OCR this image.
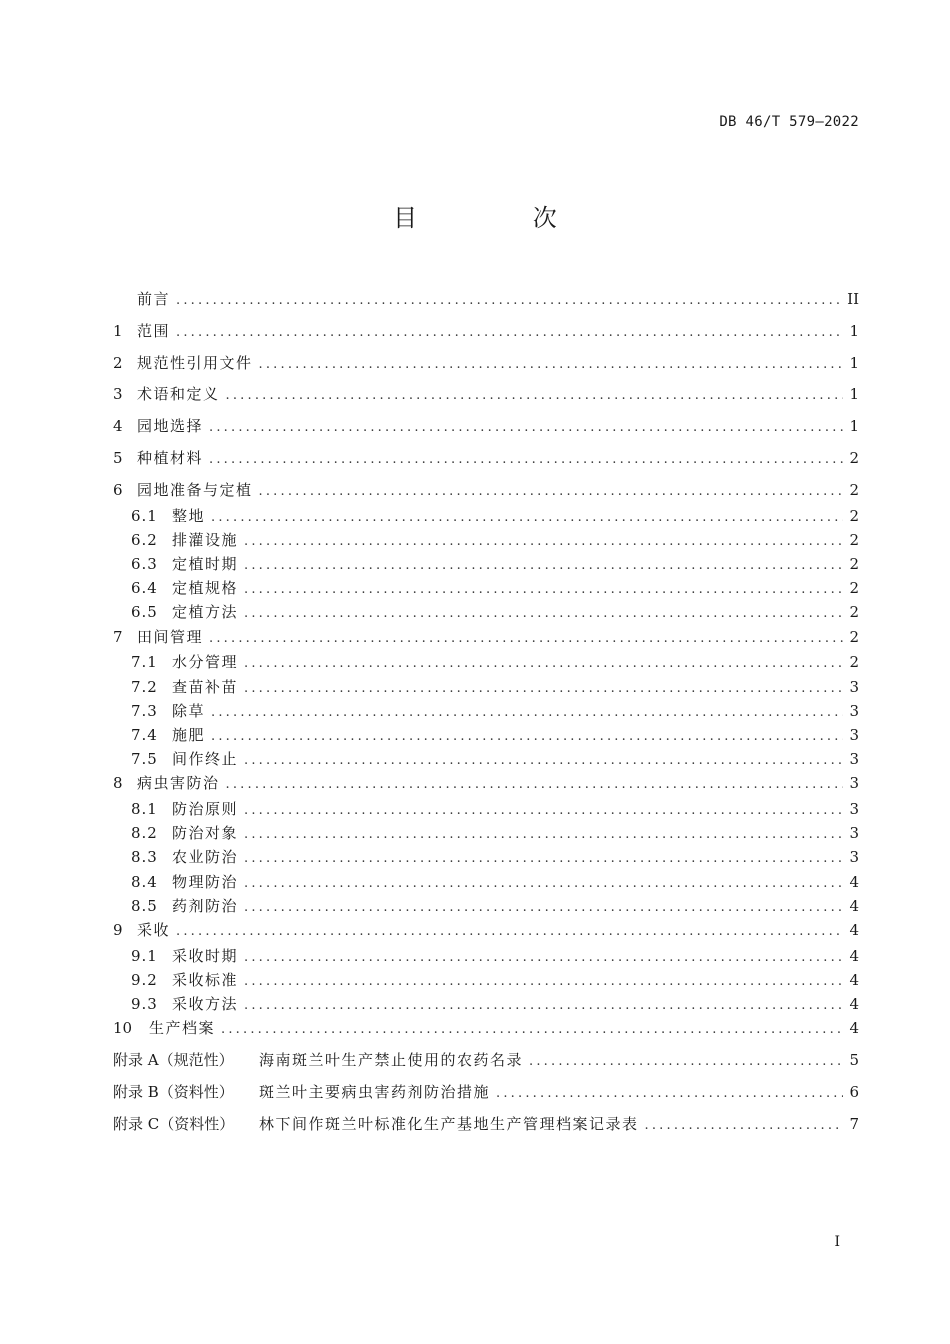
DB 46/T 579—2022
目 次
前言 .....	II
1 范围 .....	1
2 规范性引用文件 .....	1
3 术语和定义 .....	1
4 园地选择 .....	1
5 种植材料 .....	2
6 园地准备与定植 .....	2
6.1 整地 .....	2
6.2 排灌设施 .....	2
6.3 定植时期 .....	2
6.4 定植规格 .....	2
6.5 定植方法 .....	2
7 田间管理 .....	2
7.1 水分管理 .....	2
7.2 查苗补苗 .....	3
7.3 除草 .....	3
7.4 施肥 .....	3
7.5 间作终止 .....	3
8 病虫害防治 .....	3
8.1 防治原则 .....	3
8.2 防治对象 .....	3
8.3 农业防治 .....	3
8.4 物理防治 .....	4
8.5 药剂防治 .....	4
9 采收 .....	4
9.1 采收时期 .....	4
9.2 采收标准 .....	4
9.3 采收方法 .....	4
10	生产档案 .....	4
附录 A（规范性）	海南斑兰叶生产禁止使用的农药名录 .....	5
附录 B（资料性）	斑兰叶主要病虫害药剂防治措施 .....	6
附录 C（资料性）	林下间作斑兰叶标准化生产基地生产管理档案记录表 .....	7
I
